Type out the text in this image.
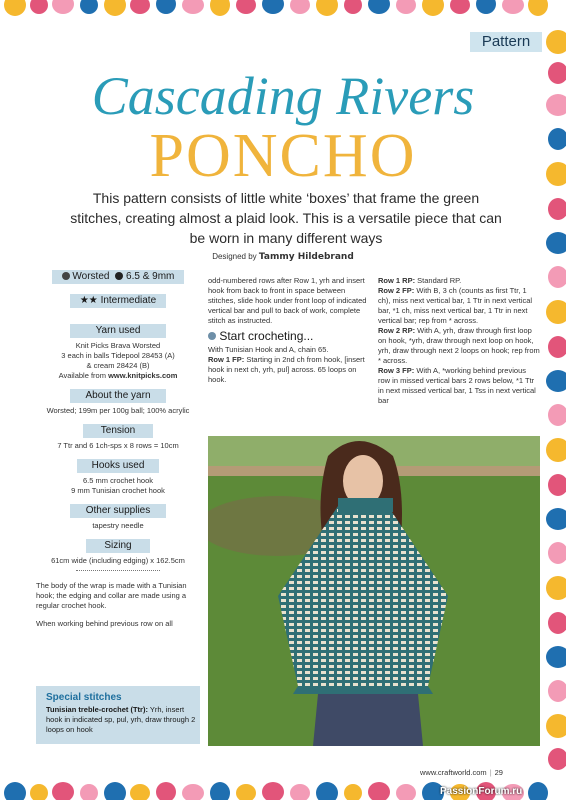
Pattern
Cascading Rivers
PONCHO
This pattern consists of little white ‘boxes’ that frame the green stitches, creating almost a plaid look. This is a versatile piece that can be worn in many different ways
Designed by Tammy Hildebrand
Worsted 6.5 & 9mm
★★ Intermediate
Yarn used
Knit Picks Brava Worsted
3 each in balls Tidepool 28453 (A)
& cream 28424 (B)
Available from www.knitpicks.com
About the yarn
Worsted; 199m per 100g ball; 100% acrylic
Tension
7 Ttr and 6 1ch-sps x 8 rows = 10cm
Hooks used
6.5 mm crochet hook
9 mm Tunisian crochet hook
Other supplies
tapestry needle
Sizing
61cm wide (including edging) x 162.5cm
The body of the wrap is made with a Tunisian hook; the edging and collar are made using a regular crochet hook.
When working behind previous row on all
Special stitches
Tunisian treble-crochet (Ttr): Yrh, insert hook in indicated sp, pul, yrh, draw through 2 loops on hook
odd-numbered rows after Row 1, yrh and insert hook from back to front in space between stitches, slide hook under front loop of indicated vertical bar and pull to back of work, complete stitch as instructed.
Start crocheting...
With Tunisian Hook and A, chain 65.
Row 1 FP: Starting in 2nd ch from hook, [insert hook in next ch, yrh, pul] across. 65 loops on hook.
Row 1 RP: Standard RP.
Row 2 FP: With B, 3 ch (counts as first Ttr, 1 ch), miss next vertical bar, 1 Ttr in next vertical bar, *1 ch, miss next vertical bar, 1 Ttr in next vertical bar; rep from * across.
Row 2 RP: With A, yrh, draw through first loop on hook, *yrh, draw through next loop on hook, yrh, draw through next 2 loops on hook; rep from * across.
Row 3 FP: With A, *working behind previous row in missed vertical bars 2 rows below, *1 Ttr in next missed vertical bar, 1 Tss in next vertical bar
www.craftworld.com | 29
PassionForum.ru
